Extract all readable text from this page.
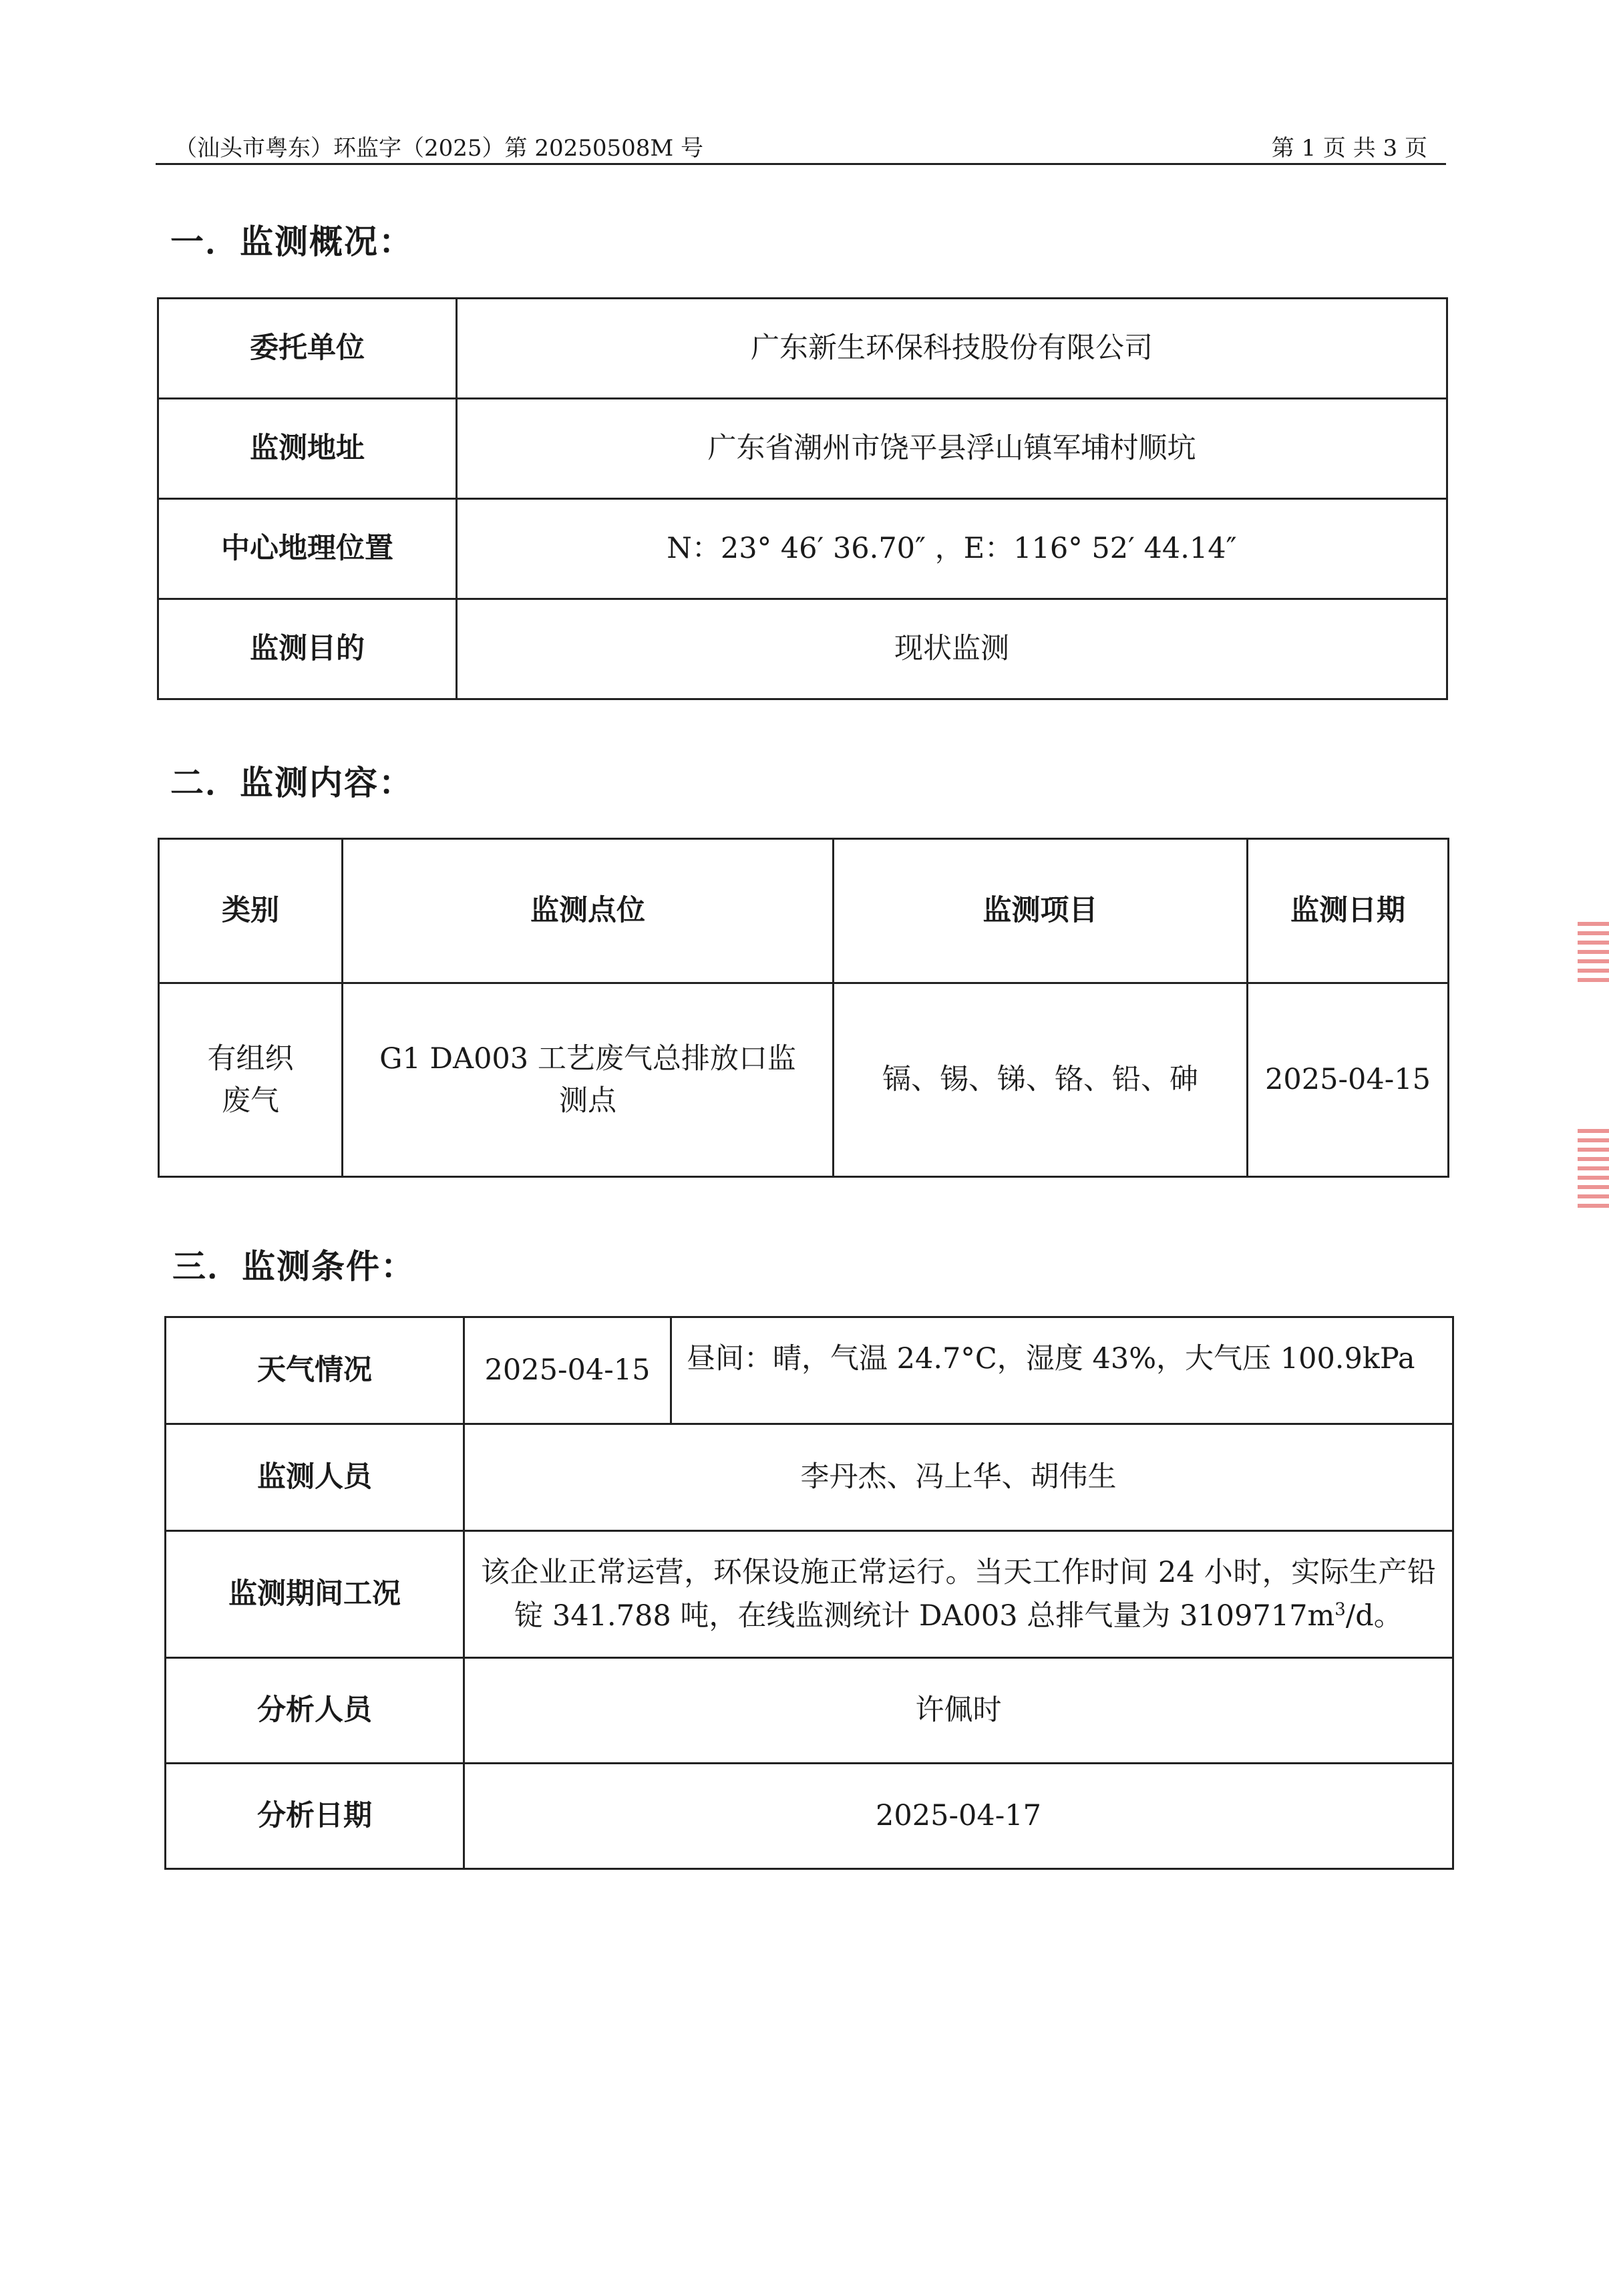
（汕头市粤东）环监字（2025）第 20250508M 号	第 1 页 共 3 页
一．监测概况：
委托单位	广东新生环保科技股份有限公司
监测地址	广东省潮州市饶平县浮山镇军埔村顺坑
中心地理位置	N：23° 46′ 36.70″ ，E：116° 52′ 44.14″
监测目的	现状监测
二．监测内容：
类别	监测点位	监测项目	监测日期
有组织废气	G1 DA003 工艺废气总排放口监测点	镉、锡、锑、铬、铅、砷	2025-04-15
三．监测条件：
天气情况	2025-04-15	昼间：晴，气温 24.7°C，湿度 43%，大气压 100.9kPa
监测人员	李丹杰、冯上华、胡伟生	
监测期间工况	该企业正常运营，环保设施正常运行。当天工作时间 24 小时，实际生产铅锭 341.788 吨，在线监测统计 DA003 总排气量为 $3109717m^3/d$。	
分析人员	许佩时	
分析日期	2025-04-17	
